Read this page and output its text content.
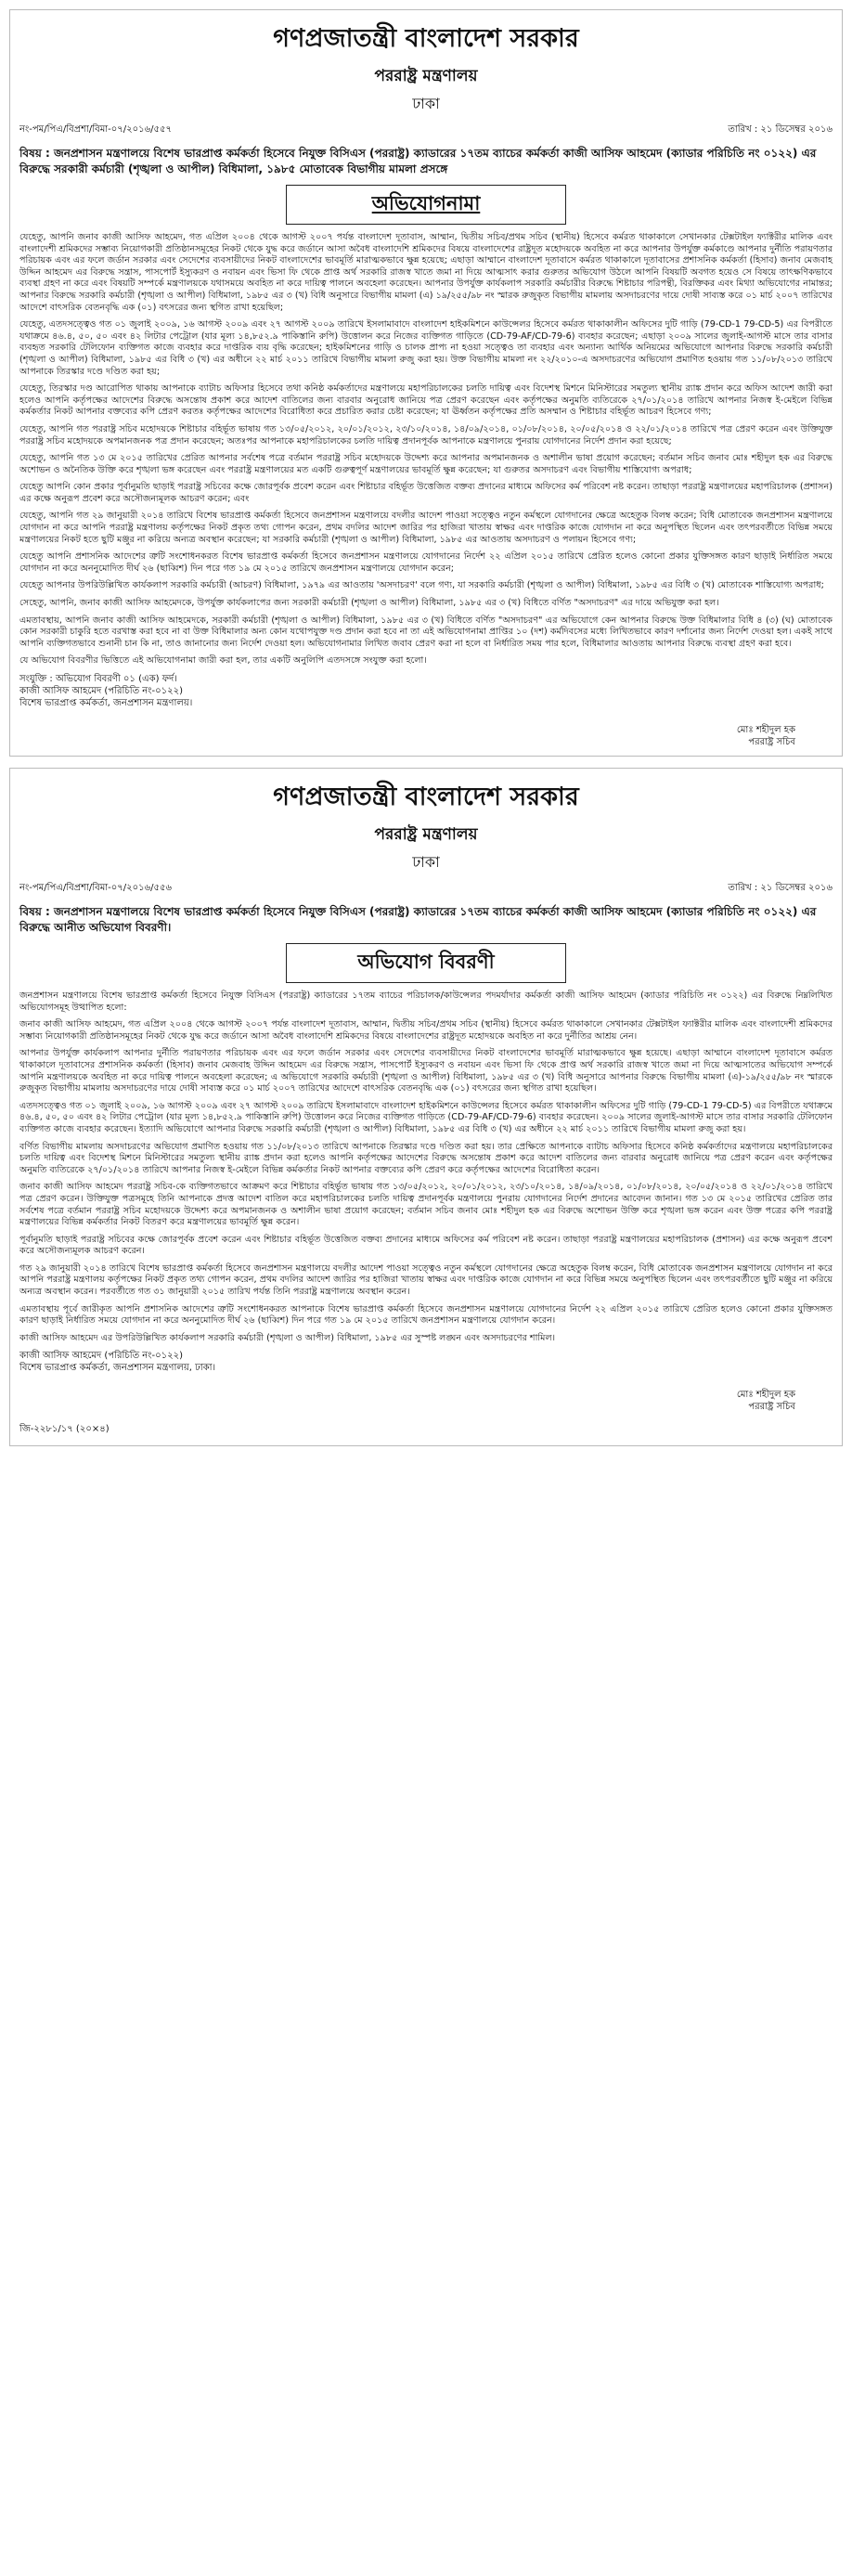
গণপ্রজাতন্ত্রী বাংলাদেশ সরকার
পররাষ্ট্র মন্ত্রণালয়
ঢাকা
নং-পম/পিএ/বিপ্রশা/বিমা-০৭/২০১৬/৫৫৭	তারিখ : ২১ ডিসেম্বর ২০১৬
বিষয় : জনপ্রশাসন মন্ত্রণালয়ে বিশেষ ভারপ্রাপ্ত কর্মকর্তা হিসেবে নিযুক্ত বিসিএস (পররাষ্ট্র) ক্যাডারের ১৭তম ব্যাচের কর্মকর্তা কাজী আসিফ আহমেদ (ক্যাডার পরিচিতি নং ০১২২) এর বিরুদ্ধে সরকারী কর্মচারী (শৃঙ্খলা ও আপীল) বিধিমালা, ১৯৮৫ মোতাবেক বিভাগীয় মামলা প্রসঙ্গে
অভিযোগনামা

যেহেতু, আপনি জনাব কাজী আসিফ আহমেদ, গত এপ্রিল ২০০৪ থেকে আগস্ট ২০০৭ পর্যন্ত বাংলাদেশ দূতাবাস, আম্মান, দ্বিতীয় সচিব/প্রথম সচিব (স্থানীয়) হিসেবে কর্মরত থাকাকালে সেখানকার টেক্সটাইল ফ্যাক্টরীর মালিক এবং বাংলাদেশী শ্রমিকদের সম্ভাব্য নিয়োগকারী প্রতিষ্ঠানসমূহের নিকট থেকে যুদ্ধ করে জর্ডানে আসা অবৈধ বাংলাদেশি শ্রমিকদের বিষয়ে বাংলাদেশের রাষ্ট্রদূত মহোদয়কে অবহিত না করে আপনার উপর্যুক্ত কর্মকাণ্ডে আপনার দুর্নীতি পরায়ণতার পরিচায়ক এবং এর ফলে জর্ডান সরকার এবং সেদেশের ব্যবসায়ীদের নিকট বাংলাদেশের ভাবমূর্তি মারাত্মকভাবে ক্ষুন্ন হয়েছে; এছাড়া আম্মানে বাংলাদেশ দূতাবাসে কর্মরত থাকাকালে দূতাবাসের প্রশাসনিক কর্মকর্তা (হিসাব) জনাব মেজবাহ উদ্দিন আহমেদ এর বিরুদ্ধে সন্ত্রাস, পাসপোর্ট ইস্যুকরণ ও নবায়ন এবং ভিসা ফি থেকে প্রাপ্ত অর্থ সরকারি রাজস্ব খাতে জমা না দিয়ে আত্মসাৎ করার গুরুতর অভিযোগ উঠলে আপনি বিষয়টি অবগত হয়েও সে বিষয়ে তাৎক্ষণিকভাবে ব্যবস্থা গ্রহণ না করে এবং বিষয়টি সম্পর্কে মন্ত্রণালয়কে যথাসময়ে অবহিত না করে দায়িত্ব পালনে অবহেলা করেছেন। আপনার উপর্যুক্ত কার্যকলাপ সরকারি কর্মচারীর বিরুদ্ধে শিষ্টাচার পরিপন্থী, বিরক্তিকর এবং মিথ্যা অভিযোগের নামান্তর; আপনার বিরুদ্ধে সরকারি কর্মচারী (শৃঙ্খলা ও আপীল) বিধিমালা, ১৯৮৫ এর ৩ (খ) বিধি অনুসারে বিভাগীয় মামলা (এ) ১৯/২৫৫/৯৮ নং স্মারক রুজুকৃত বিভাগীয় মামলায় অসদাচরণের দায়ে দোষী সাব্যস্ত করে ০১ মার্চ ২০০৭ তারিখের আদেশে বাৎসরিক বেতনবৃদ্ধি এক (০১) বৎসরের জন্য স্থগিত রাখা হয়েছিল;

যেহেতু, এতদসত্ত্বেও গত ০১ জুলাই ২০০৯, ১৬ আগস্ট ২০০৯ এবং ২৭ আগস্ট ২০০৯ তারিখে ইসলামাবাদে বাংলাদেশ হাইকমিশনে কাউন্সেলর হিসেবে কর্মরত থাকাকালীন অফিসের দুটি গাড়ি (79-CD-1 79-CD-5) এর বিপরীতে যথাক্রমে ৪৬.৪, ৫০, ৫০ এবং ৪২ লিটার পেট্রোল (যার মূল্য ১৪,৮৫২.৯ পাকিস্তানি রুপি) উত্তোলন করে নিজের ব্যক্তিগত গাড়িতে (CD-79-AF/CD-79-6) ব্যবহার করেছেন; এছাড়া ২০০৯ সালের জুলাই-আগস্ট মাসে তার বাসার ব্যবহৃত সরকারি টেলিফোন ব্যক্তিগত কাজে ব্যবহার করে দাপ্তরিক ব্যয় বৃদ্ধি করেছেন; হাইকমিশনের গাড়ি ও চালক প্রাপ্য না হওয়া সত্ত্বেও তা ব্যবহার এবং অন্যান্য আর্থিক অনিয়মের অভিযোগে আপনার বিরুদ্ধে সরকারি কর্মচারী (শৃঙ্খলা ও আপীল) বিধিমালা, ১৯৮৫ এর বিধি ৩ (খ) এর অধীনে ২২ মার্চ ২০১১ তারিখে বিভাগীয় মামলা রুজু করা হয়। উক্ত বিভাগীয় মামলা নং ২২/২০১০-এ অসদাচরণের অভিযোগ প্রমাণিত হওয়ায় গত ১১/০৮/২০১৩ তারিখে আপনাকে তিরস্কার দণ্ডে দণ্ডিত করা হয়;

যেহেতু, তিরস্কার দণ্ড আরোপিত থাকায় আপনাকে ব্যাটাচ অফিসার হিসেবে তথা কনিষ্ঠ কর্মকর্তাদের মন্ত্রণালয়ে মহাপরিচালকের চলতি দায়িত্ব এবং বিদেশস্থ মিশনে মিনিস্টারের সমতুল্য স্থানীয় র‍্যাঙ্ক প্রদান করে অফিস আদেশ জারী করা হলেও আপনি কর্তৃপক্ষের আদেশের বিরুদ্ধে অসন্তোষ প্রকাশ করে আদেশ বাতিলের জন্য বারবার অনুরোধ জানিয়ে পত্র প্রেরণ করেছেন এবং কর্তৃপক্ষের অনুমতি ব্যতিরেকে ২৭/০১/২০১৪ তারিখে আপনার নিজস্ব ই-মেইলে বিভিন্ন কর্মকর্তার নিকট আপনার বক্তব্যের কপি প্রেরণ করতঃ কর্তৃপক্ষের আদেশের বিরোধিতা করে প্রচারিত করার চেষ্টা করেছেন; যা ঊর্ধ্বতন কর্তৃপক্ষের প্রতি অসম্মান ও শিষ্টাচার বহির্ভূত আচরণ হিসেবে গণ্য;

যেহেতু, আপনি গত পররাষ্ট্র সচিব মহোদয়কে শিষ্টাচার বহির্ভূত ভাষায় গত ১৩/০৫/২০১২, ২০/০১/২০১২, ২৩/১০/২০১৪, ১৪/০৯/২০১৪, ০১/০৮/২০১৪, ২০/০৫/২০১৪ ও ২২/০১/২০১৪ তারিখে পত্র প্রেরণ করেন এবং উক্তিযুক্ত পররাষ্ট্র সচিব মহোদয়কে অপমানজনক পত্র প্রদান করেছেন; অতঃপর আপনাকে মহাপরিচালকের চলতি দায়িত্ব প্রদানপূর্বক আপনাকে মন্ত্রণালয়ে পুনরায় যোগদানের নির্দেশ প্রদান করা হয়েছে;

যেহেতু, আপনি গত ১৩ মে ২০১৫ তারিখের প্রেরিত আপনার সর্বশেষ পত্রে বর্তমান পররাষ্ট্র সচিব মহোদয়কে উদ্দেশ্য করে আপনার অপমানজনক ও অশালীন ভাষা প্রয়োগ করেছেন; বর্তমান সচিব জনাব মোঃ শহীদুল হক এর বিরুদ্ধে অশোভন ও অনৈতিক উক্তি করে শৃঙ্খলা ভঙ্গ করেছেন এবং পররাষ্ট্র মন্ত্রণালয়ের মত একটি গুরুত্বপূর্ণ মন্ত্রণালয়ের ভাবমূর্তি ক্ষুন্ন করেছেন; যা গুরুতর অসদাচরণ এবং বিভাগীয় শাস্তিযোগ্য অপরাধ;

যেহেতু আপনি কোন প্রকার পূর্বানুমতি ছাড়াই পররাষ্ট্র সচিবের কক্ষে জোরপূর্বক প্রবেশ করেন এবং শিষ্টাচার বহির্ভূত উত্তেজিত বক্তব্য প্রদানের মাধ্যমে অফিসের কর্ম পরিবেশ নষ্ট করেন। তাছাড়া পররাষ্ট্র মন্ত্রণালয়ের মহাপরিচালক (প্রশাসন) এর কক্ষে অনুরূপ প্রবেশ করে অসৌজন্যমূলক আচরণ করেন; এবং

যেহেতু, আপনি গত ২৯ জানুয়ারী ২০১৪ তারিখে বিশেষ ভারপ্রাপ্ত কর্মকর্তা হিসেবে জনপ্রশাসন মন্ত্রণালয়ে বদলীর আদেশ পাওয়া সত্ত্বেও নতুন কর্মস্থলে যোগদানের ক্ষেত্রে অহেতুক বিলম্ব করেন; বিধি মোতাবেক জনপ্রশাসন মন্ত্রণালয়ে যোগদান না করে আপনি পররাষ্ট্র মন্ত্রণালয় কর্তৃপক্ষের নিকট প্রকৃত তথ্য গোপন করেন, প্রথম বদলির আদেশ জারির পর হাজিরা খাতায় স্বাক্ষর এবং দাপ্তরিক কাজে যোগদান না করে অনুপস্থিত ছিলেন এবং তৎপরবর্তীতে বিভিন্ন সময়ে মন্ত্রণালয়ের নিকট হতে ছুটি মঞ্জুর না করিয়ে অন্যত্র অবস্থান করেছেন; যা সরকারি কর্মচারী (শৃঙ্খলা ও আপীল) বিধিমালা, ১৯৮৫ এর আওতায় অসদাচরণ ও পলায়ন হিসেবে গণ্য;

যেহেতু আপনি প্রশাসনিক আদেশের ত্রুটি সংশোধনকরত বিশেষ ভারপ্রাপ্ত কর্মকর্তা হিসেবে জনপ্রশাসন মন্ত্রণালয়ে যোগদানের নির্দেশ ২২ এপ্রিল ২০১৫ তারিখে প্রেরিত হলেও কোনো প্রকার যুক্তিসঙ্গত কারণ ছাড়াই নির্ধারিত সময়ে যোগদান না করে অননুমোদিত দীর্ঘ ২৬ (ছাব্বিশ) দিন পরে গত ১৯ মে ২০১৫ তারিখে জনপ্রশাসন মন্ত্রণালয়ে যোগদান করেন;

যেহেতু আপনার উপরিউল্লিখিত কার্যকলাপ সরকারি কর্মচারী (আচরণ) বিধিমালা, ১৯৭৯ এর আওতায় 'অসদাচরণ' বলে গণ্য, যা সরকারি কর্মচারী (শৃঙ্খলা ও আপীল) বিধিমালা, ১৯৮৫ এর বিধি ৩ (খ) মোতাবেক শাস্তিযোগ্য অপরাধ;

সেহেতু, আপনি, জনাব কাজী আসিফ আহমেদকে, উপর্যুক্ত কার্যকলাপের জন্য সরকারী কর্মচারী (শৃঙ্খলা ও আপীল) বিধিমালা, ১৯৮৫ এর ৩ (খ) বিধিতে বর্ণিত "অসদাচরণ" এর দায়ে অভিযুক্ত করা হল।

এমতাবস্থায়, আপনি জনাব কাজী আসিফ আহমেদকে, সরকারী কর্মচারী (শৃঙ্খলা ও আপীল) বিধিমালা, ১৯৮৫ এর ৩ (খ) বিধিতে বর্ণিত "অসদাচরণ" এর অভিযোগে কেন আপনার বিরুদ্ধে উক্ত বিধিমালার বিধি ৪ (৩) (ঘ) মোতাবেক কোন সরকারী চাকুরি হতে বরখাস্ত করা হবে না বা উক্ত বিধিমালার অন্য কোন যথোপযুক্ত দণ্ড প্রদান করা হবে না তা এই অভিযোগনামা প্রাপ্তির ১০ (দশ) কর্মদিবসের মধ্যে লিখিতভাবে কারণ দর্শানোর জন্য নির্দেশ দেওয়া হল। একই সাথে আপনি ব্যক্তিগতভাবে শুনানী চান কি না, তাও জানানোর জন্য নির্দেশ দেওয়া হল। অভিযোগনামার লিখিত জবাব প্রেরণ করা না হলে বা নির্ধারিত সময় পার হলে, বিধিমালার আওতায় আপনার বিরুদ্ধে ব্যবস্থা গ্রহণ করা হবে।

যে অভিযোগ বিবরণীর ভিত্তিতে এই অভিযোগনামা জারী করা হল, তার একটি অনুলিপি এতদসঙ্গে সংযুক্ত করা হলো।

সংযুক্তি : অভিযোগ বিবরণী ০১ (এক) ফর্দ।
কাজী আসিফ আহমেদ (পরিচিতি নং-০১২২)
বিশেষ ভারপ্রাপ্ত কর্মকর্তা, জনপ্রশাসন মন্ত্রণালয়।
মোঃ শহীদুল হক
পররাষ্ট্র সচিব
গণপ্রজাতন্ত্রী বাংলাদেশ সরকার
পররাষ্ট্র মন্ত্রণালয়
ঢাকা
নং-পম/পিএ/বিপ্রশা/বিমা-০৭/২০১৬/৫৫৬	তারিখ : ২১ ডিসেম্বর ২০১৬
বিষয় : জনপ্রশাসন মন্ত্রণালয়ে বিশেষ ভারপ্রাপ্ত কর্মকর্তা হিসেবে নিযুক্ত বিসিএস (পররাষ্ট্র) ক্যাডারের ১৭তম ব্যাচের কর্মকর্তা কাজী আসিফ আহমেদ (ক্যাডার পরিচিতি নং ০১২২) এর বিরুদ্ধে আনীত অভিযোগ বিবরণী।
অভিযোগ বিবরণী

জনপ্রশাসন মন্ত্রণালয়ে বিশেষ ভারপ্রাপ্ত কর্মকর্তা হিসেবে নিযুক্ত বিসিএস (পররাষ্ট্র) ক্যাডারের ১৭তম ব্যাচের পরিচালক/কাউন্সেলর পদমর্যাদার কর্মকর্তা কাজী আসিফ আহমেদ (ক্যাডার পরিচিতি নং ০১২২) এর বিরুদ্ধে নিম্নলিখিত অভিযোগসমূহ উত্থাপিত হলো:

জনাব কাজী আসিফ আহমেদ, গত এপ্রিল ২০০৪ থেকে আগস্ট ২০০৭ পর্যন্ত বাংলাদেশ দূতাবাস, আম্মান, দ্বিতীয় সচিব/প্রথম সচিব (স্থানীয়) হিসেবে কর্মরত থাকাকালে সেখানকার টেক্সটাইল ফ্যাক্টরীর মালিক এবং বাংলাদেশী শ্রমিকদের সম্ভাব্য নিয়োগকারী প্রতিষ্ঠানসমূহের নিকট থেকে যুদ্ধ করে জর্ডানে আসা অবৈধ বাংলাদেশি শ্রমিকদের বিষয়ে বাংলাদেশের রাষ্ট্রদূত মহোদয়কে অবহিত না করে দুর্নীতির আশ্রয় নেন।

আপনার উপর্যুক্ত কার্যকলাপ আপনার দুর্নীতি পরায়ণতার পরিচায়ক এবং এর ফলে জর্ডান সরকার এবং সেদেশের ব্যবসায়ীদের নিকট বাংলাদেশের ভাবমূর্তি মারাত্মকভাবে ক্ষুন্ন হয়েছে। এছাড়া আম্মানে বাংলাদেশ দূতাবাসে কর্মরত থাকাকালে দূতাবাসের প্রশাসনিক কর্মকর্তা (হিসাব) জনাব মেজবাহ উদ্দিন আহমেদ এর বিরুদ্ধে সন্ত্রাস, পাসপোর্ট ইস্যুকরণ ও নবায়ন এবং ভিসা ফি থেকে প্রাপ্ত অর্থ সরকারি রাজস্ব খাতে জমা না দিয়ে আত্মসাতের অভিযোগ সম্পর্কে আপনি মন্ত্রণালয়কে অবহিত না করে দায়িত্ব পালনে অবহেলা করেছেন; এ অভিযোগে সরকারি কর্মচারী (শৃঙ্খলা ও আপীল) বিধিমালা, ১৯৮৫ এর ৩ (খ) বিধি অনুসারে আপনার বিরুদ্ধে বিভাগীয় মামলা (এ)-১৯/২৫৫/৯৮ নং স্মারকে রুজুকৃত বিভাগীয় মামলায় অসদাচরণের দায়ে দোষী সাব্যস্ত করে ০১ মার্চ ২০০৭ তারিখের আদেশে বাৎসরিক বেতনবৃদ্ধি এক (০১) বৎসরের জন্য স্থগিত রাখা হয়েছিল।

এতদসত্ত্বেও গত ০১ জুলাই ২০০৯, ১৬ আগস্ট ২০০৯ এবং ২৭ আগস্ট ২০০৯ তারিখে ইসলামাবাদে বাংলাদেশ হাইকমিশনে কাউন্সেলর হিসেবে কর্মরত থাকাকালীন অফিসের দুটি গাড়ি (79-CD-1 79-CD-5) এর বিপরীতে যথাক্রমে ৪৬.৪, ৫০, ৫০ এবং ৪২ লিটার পেট্রোল (যার মূল্য ১৪,৮৫২.৯ পাকিস্তানি রুপি) উত্তোলন করে নিজের ব্যক্তিগত গাড়িতে (CD-79-AF/CD-79-6) ব্যবহার করেছেন। ২০০৯ সালের জুলাই-আগস্ট মাসে তার বাসার সরকারি টেলিফোন ব্যক্তিগত কাজে ব্যবহার করেছেন। ইত্যাদি অভিযোগে আপনার বিরুদ্ধে সরকারি কর্মচারী (শৃঙ্খলা ও আপীল) বিধিমালা, ১৯৮৫ এর বিধি ৩ (খ) এর অধীনে ২২ মার্চ ২০১১ তারিখে বিভাগীয় মামলা রুজু করা হয়।

বর্ণিত বিভাগীয় মামলায় অসদাচরণের অভিযোগ প্রমাণিত হওয়ায় গত ১১/০৮/২০১৩ তারিখে আপনাকে তিরস্কার দণ্ডে দণ্ডিত করা হয়। তার প্রেক্ষিতে আপনাকে ব্যাটাচ অফিসার হিসেবে কনিষ্ঠ কর্মকর্তাদের মন্ত্রণালয়ে মহাপরিচালকের চলতি দায়িত্ব এবং বিদেশস্থ মিশনে মিনিস্টারের সমতুল্য স্থানীয় র‍্যাঙ্ক প্রদান করা হলেও আপনি কর্তৃপক্ষের আদেশের বিরুদ্ধে অসন্তোষ প্রকাশ করে আদেশ বাতিলের জন্য বারবার অনুরোধ জানিয়ে পত্র প্রেরণ করেন এবং কর্তৃপক্ষের অনুমতি ব্যতিরেকে ২৭/০১/২০১৪ তারিখে আপনার নিজস্ব ই-মেইলে বিভিন্ন কর্মকর্তার নিকট আপনার বক্তব্যের কপি প্রেরণ করে কর্তৃপক্ষের আদেশের বিরোধিতা করেন।

জনাব কাজী আসিফ আহমেদ পররাষ্ট্র সচিব-কে ব্যক্তিগতভাবে আক্রমণ করে শিষ্টাচার বহির্ভূত ভাষায় গত ১৩/০৫/২০১২, ২০/০১/২০১২, ২৩/১০/২০১৪, ১৪/০৯/২০১৪, ০১/০৮/২০১৪, ২০/০৫/২০১৪ ও ২২/০১/২০১৪ তারিখে পত্র প্রেরণ করেন। উক্তিযুক্ত পত্রসমূহে তিনি আপনাকে প্রদত্ত আদেশ বাতিল করে মহাপরিচালকের চলতি দায়িত্ব প্রদানপূর্বক মন্ত্রণালয়ে পুনরায় যোগদানের নির্দেশ প্রদানের আবেদন জানান। গত ১৩ মে ২০১৫ তারিখের প্রেরিত তার সর্বশেষ পত্রে বর্তমান পররাষ্ট্র সচিব মহোদয়কে উদ্দেশ্য করে অপমানজনক ও অশালীন ভাষা প্রয়োগ করেছেন; বর্তমান সচিব জনাব মোঃ শহীদুল হক এর বিরুদ্ধে অশোভন উক্তি করে শৃঙ্খলা ভঙ্গ করেন এবং উক্ত পত্রের কপি পররাষ্ট্র মন্ত্রণালয়ের বিভিন্ন কর্মকর্তার নিকট বিতরণ করে মন্ত্রণালয়ের ভাবমূর্তি ক্ষুন্ন করেন।

পূর্বানুমতি ছাড়াই পররাষ্ট্র সচিবের কক্ষে জোরপূর্বক প্রবেশ করেন এবং শিষ্টাচার বহির্ভূত উত্তেজিত বক্তব্য প্রদানের মাধ্যমে অফিসের কর্ম পরিবেশ নষ্ট করেন। তাছাড়া পররাষ্ট্র মন্ত্রণালয়ের মহাপরিচালক (প্রশাসন) এর কক্ষে অনুরূপ প্রবেশ করে অসৌজন্যমূলক আচরণ করেন।

গত ২৯ জানুয়ারী ২০১৪ তারিখে বিশেষ ভারপ্রাপ্ত কর্মকর্তা হিসেবে জনপ্রশাসন মন্ত্রণালয়ে বদলীর আদেশ পাওয়া সত্ত্বেও নতুন কর্মস্থলে যোগদানের ক্ষেত্রে অহেতুক বিলম্ব করেন, বিধি মোতাবেক জনপ্রশাসন মন্ত্রণালয়ে যোগদান না করে আপনি পররাষ্ট্র মন্ত্রণালয় কর্তৃপক্ষের নিকট প্রকৃত তথ্য গোপন করেন, প্রথম বদলির আদেশ জারির পর হাজিরা খাতায় স্বাক্ষর এবং দাপ্তরিক কাজে যোগদান না করে বিভিন্ন সময়ে অনুপস্থিত ছিলেন এবং তৎপরবর্তীতে ছুটি মঞ্জুর না করিয়ে অন্যত্র অবস্থান করেন। পরবর্তীতে গত ৩১ জানুয়ারী ২০১৫ তারিখ পর্যন্ত তিনি পররাষ্ট্র মন্ত্রণালয়ে অবস্থান করেন।

এমতাবস্থায় পূর্বে জারীকৃত আপনি প্রশাসনিক আদেশের ত্রুটি সংশোধনকরত আপনাকে বিশেষ ভারপ্রাপ্ত কর্মকর্তা হিসেবে জনপ্রশাসন মন্ত্রণালয়ে যোগদানের নির্দেশ ২২ এপ্রিল ২০১৫ তারিখে প্রেরিত হলেও কোনো প্রকার যুক্তিসঙ্গত কারণ ছাড়াই নির্ধারিত সময়ে যোগদান না করে অননুমোদিত দীর্ঘ ২৬ (ছাব্বিশ) দিন পরে গত ১৯ মে ২০১৫ তারিখে জনপ্রশাসন মন্ত্রণালয়ে যোগদান করেন।

কাজী আসিফ আহমেদ এর উপরিউল্লিখিত কার্যকলাপ সরকারি কর্মচারী (শৃঙ্খলা ও আপীল) বিধিমালা, ১৯৮৫ এর সুস্পষ্ট লঙ্ঘন এবং অসদাচরণের শামিল।

কাজী আসিফ আহমেদ (পরিচিতি নং-০১২২)
বিশেষ ভারপ্রাপ্ত কর্মকর্তা, জনপ্রশাসন মন্ত্রণালয়, ঢাকা।
মোঃ শহীদুল হক
পররাষ্ট্র সচিব
জি-২২৮১/১৭ (২০×৪)
